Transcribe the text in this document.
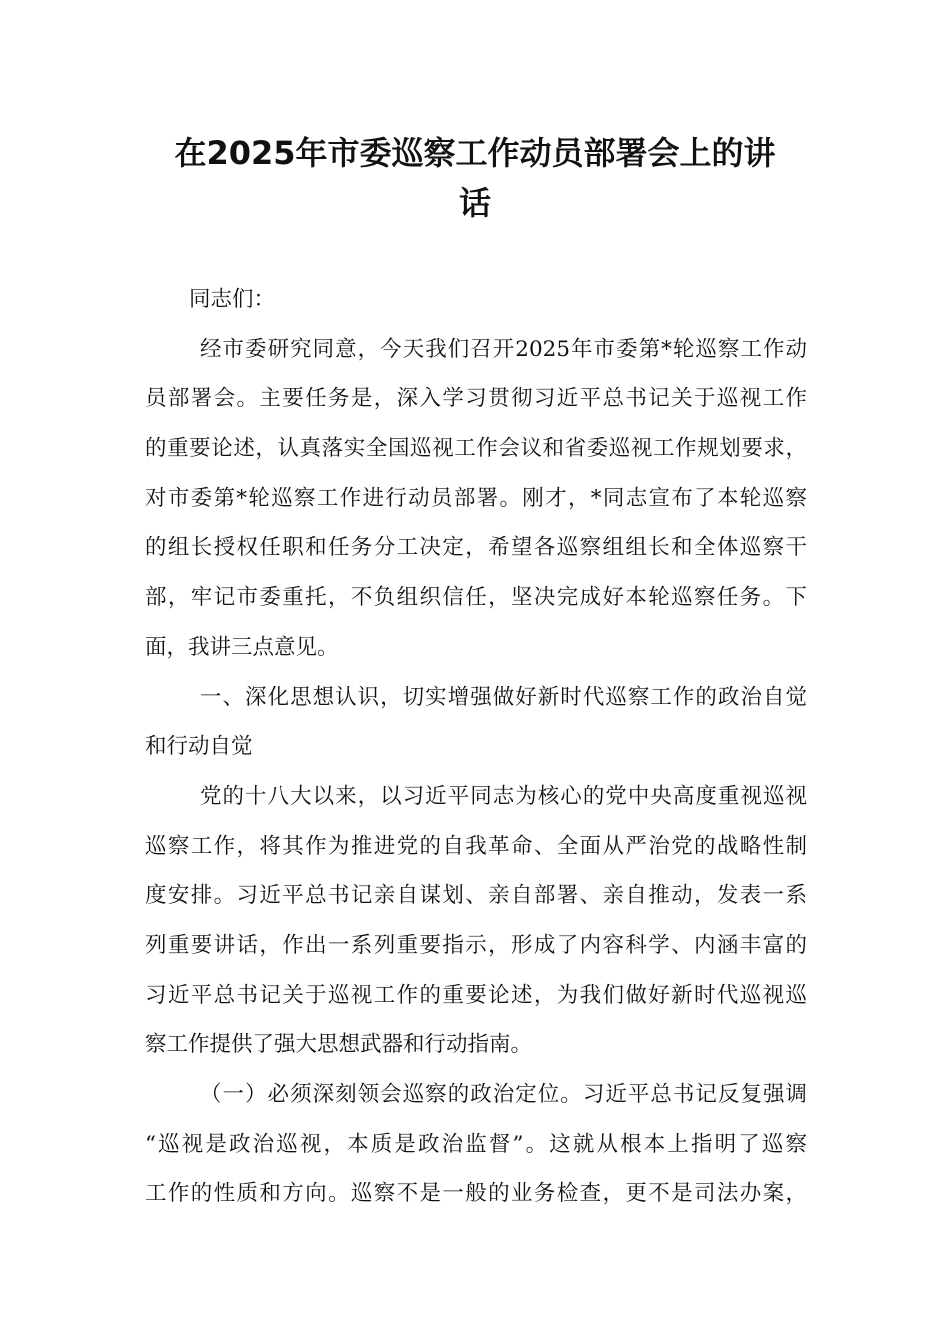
在2025年市委巡察工作动员部署会上的讲
话
同志们：
经市委研究同意，今天我们召开2025年市委第*轮巡察工作动
员部署会。主要任务是，深入学习贯彻习近平总书记关于巡视工作
的重要论述，认真落实全国巡视工作会议和省委巡视工作规划要求，
对市委第*轮巡察工作进行动员部署。刚才，*同志宣布了本轮巡察
的组长授权任职和任务分工决定，希望各巡察组组长和全体巡察干
部，牢记市委重托，不负组织信任，坚决完成好本轮巡察任务。下
面，我讲三点意见。
一、深化思想认识，切实增强做好新时代巡察工作的政治自觉
和行动自觉
党的十八大以来，以习近平同志为核心的党中央高度重视巡视
巡察工作，将其作为推进党的自我革命、全面从严治党的战略性制
度安排。习近平总书记亲自谋划、亲自部署、亲自推动，发表一系
列重要讲话，作出一系列重要指示，形成了内容科学、内涵丰富的
习近平总书记关于巡视工作的重要论述，为我们做好新时代巡视巡
察工作提供了强大思想武器和行动指南。
（一）必须深刻领会巡察的政治定位。习近平总书记反复强调
“巡视是政治巡视，本质是政治监督”。这就从根本上指明了巡察
工作的性质和方向。巡察不是一般的业务检查，更不是司法办案，
